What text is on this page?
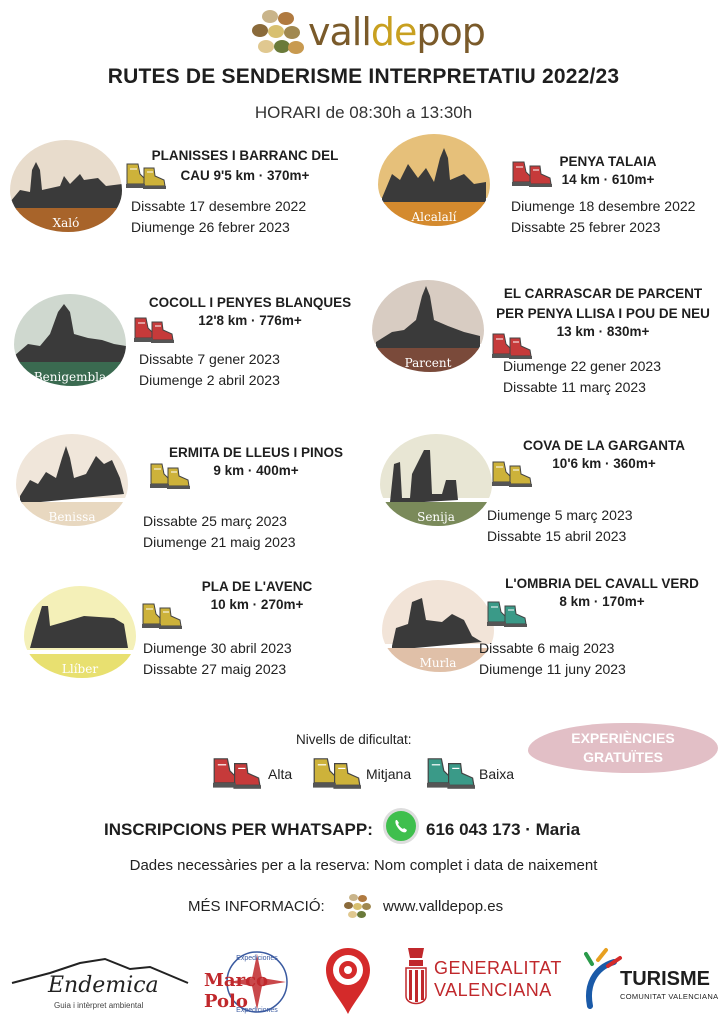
valldepop
RUTES DE SENDERISME INTERPRETATIU 2022/23
HORARI de 08:30h a 13:30h
Xaló
PLANISSES I BARRANC DEL
CAU 9'5 km · 370m+
Dissabte 17 desembre 2022
Diumenge 26 febrer 2023
Alcalalí
PENYA TALAIA
14 km · 610m+
Diumenge 18 desembre 2022
Dissabte 25 febrer 2023
Benigembla
COCOLL I PENYES BLANQUES
12'8 km · 776m+
Dissabte 7 gener 2023
Diumenge 2 abril 2023
Parcent
EL CARRASCAR DE PARCENT
PER PENYA LLISA I POU DE NEU
13 km · 830m+
Diumenge 22 gener 2023
Dissabte 11 març 2023
Benissa
ERMITA DE LLEUS I PINOS
9 km · 400m+
Dissabte 25 març 2023
Diumenge 21 maig 2023
Senija
COVA DE LA GARGANTA
10'6 km · 360m+
Diumenge 5 març 2023
Dissabte 15 abril 2023
Llíber
PLA DE L'AVENC
10 km · 270m+
Diumenge 30 abril 2023
Dissabte 27 maig 2023	Murla
L'OMBRIA DEL CAVALL VERD
8 km · 170m+
Dissabte 6 maig 2023
Diumenge 11 juny 2023
Nivells de dificultat:
Alta	Mitjana	Baixa
EXPERIÈNCIES
GRATUÏTES
INSCRIPCIONS PER WHATSAPP:	616 043 173 · Maria
Dades necessàries per a la reserva: Nom complet i data de naixement
MÉS INFORMACIÓ:	www.valldepop.es
Endemica
Guia i intèrpret ambiental
Expediciones
Expediciones
Marco Polo
GENERALITAT
VALENCIANA	TURISME
COMUNITAT VALENCIANA
